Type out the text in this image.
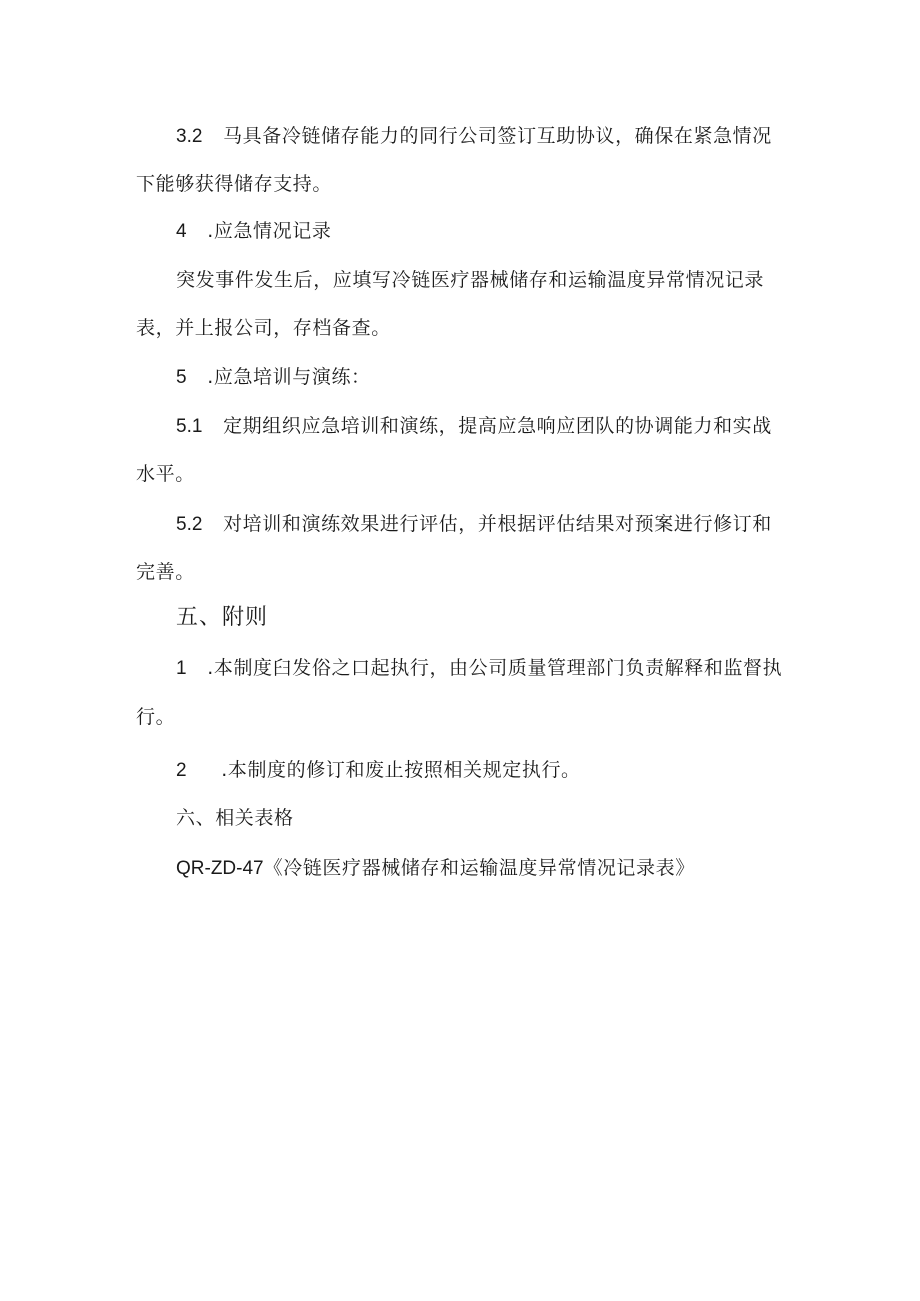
3.2 马具备冷链储存能力的同行公司签订互助协议，确保在紧急情况
下能够获得储存支持。
4 .应急情况记录
突发事件发生后，应填写冷链医疗器械储存和运输温度异常情况记录
表，并上报公司，存档备查。
5 .应急培训与演练：
5.1 定期组织应急培训和演练，提高应急响应团队的协调能力和实战
水平。
5.2 对培训和演练效果进行评估，并根据评估结果对预案进行修订和
完善。
五、附则
1 .本制度臼发俗之口起执行，由公司质量管理部门负责解释和监督执
行。
2 .本制度的修订和废止按照相关规定执行。
六、相关表格
QR-ZD-47《冷链医疗器械储存和运输温度异常情况记录表》
